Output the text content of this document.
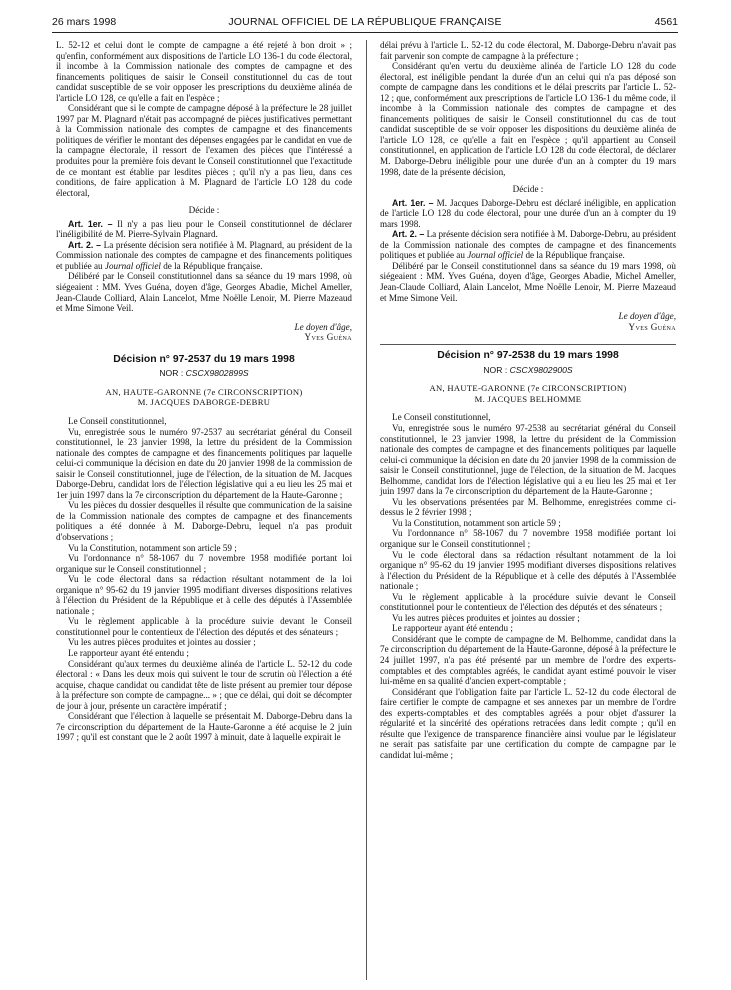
26 mars 1998	JOURNAL OFFICIEL DE LA RÉPUBLIQUE FRANÇAISE	4561

L. 52-12 et celui dont le compte de campagne a été rejeté à bon droit » ; qu'enfin, conformément aux dispositions de l'article LO 136-1 du code électoral, il incombe à la Commission nationale des comptes de campagne et des financements politiques de saisir le Conseil constitutionnel du cas de tout candidat susceptible de se voir opposer les prescriptions du deuxième alinéa de l'article LO 128, ce qu'elle a fait en l'espèce ;

Considérant que si le compte de campagne déposé à la préfecture le 28 juillet 1997 par M. Plagnard n'était pas accompagné de pièces justificatives permettant à la Commission nationale des comptes de campagne et des financements politiques de vérifier le montant des dépenses engagées par le candidat en vue de la campagne électorale, il ressort de l'examen des pièces que l'intéressé a produites pour la première fois devant le Conseil constitutionnel que l'exactitude de ce montant est établie par lesdites pièces ; qu'il n'y a pas lieu, dans ces conditions, de faire application à M. Plagnard de l'article LO 128 du code électoral,

Décide :

Art. 1er. – Il n'y a pas lieu pour le Conseil constitutionnel de déclarer l'inéligibilité de M. Pierre-Sylvain Plagnard.

Art. 2. – La présente décision sera notifiée à M. Plagnard, au président de la Commission nationale des comptes de campagne et des financements politiques et publiée au Journal officiel de la République française.

Délibéré par le Conseil constitutionnel dans sa séance du 19 mars 1998, où siégeaient : MM. Yves Guéna, doyen d'âge, Georges Abadie, Michel Ameller, Jean-Claude Colliard, Alain Lancelot, Mme Noëlle Lenoir, M. Pierre Mazeaud et Mme Simone Veil.

Le doyen d'âge,

Yves Guéna

Décision n° 97-2537 du 19 mars 1998

NOR : CSCX9802899S

AN, HAUTE-GARONNE (7e CIRCONSCRIPTION)

M. JACQUES DABORGE-DEBRU

Le Conseil constitutionnel,

Vu, enregistrée sous le numéro 97-2537 au secrétariat général du Conseil constitutionnel, le 23 janvier 1998, la lettre du président de la Commission nationale des comptes de campagne et des financements politiques par laquelle celui-ci communique la décision en date du 20 janvier 1998 de la commission de saisir le Conseil constitutionnel, juge de l'élection, de la situation de M. Jacques Daborge-Debru, candidat lors de l'élection législative qui a eu lieu les 25 mai et 1er juin 1997 dans la 7e circonscription du département de la Haute-Garonne ;

Vu les pièces du dossier desquelles il résulte que communication de la saisine de la Commission nationale des comptes de campagne et des financements politiques a été donnée à M. Daborge-Debru, lequel n'a pas produit d'observations ;

Vu la Constitution, notamment son article 59 ;

Vu l'ordonnance n° 58-1067 du 7 novembre 1958 modifiée portant loi organique sur le Conseil constitutionnel ;

Vu le code électoral dans sa rédaction résultant notamment de la loi organique n° 95-62 du 19 janvier 1995 modifiant diverses dispositions relatives à l'élection du Président de la République et à celle des députés à l'Assemblée nationale ;

Vu le règlement applicable à la procédure suivie devant le Conseil constitutionnel pour le contentieux de l'élection des députés et des sénateurs ;

Vu les autres pièces produites et jointes au dossier ;

Le rapporteur ayant été entendu ;

Considérant qu'aux termes du deuxième alinéa de l'article L. 52-12 du code électoral : « Dans les deux mois qui suivent le tour de scrutin où l'élection a été acquise, chaque candidat ou candidat tête de liste présent au premier tour dépose à la préfecture son compte de campagne... » ; que ce délai, qui doit se décompter de jour à jour, présente un caractère impératif ;

Considérant que l'élection à laquelle se présentait M. Daborge-Debru dans la 7e circonscription du département de la Haute-Garonne a été acquise le 2 juin 1997 ; qu'il est constant que le 2 août 1997 à minuit, date à laquelle expirait le

délai prévu à l'article L. 52-12 du code électoral, M. Daborge-Debru n'avait pas fait parvenir son compte de campagne à la préfecture ;

Considérant qu'en vertu du deuxième alinéa de l'article LO 128 du code électoral, est inéligible pendant la durée d'un an celui qui n'a pas déposé son compte de campagne dans les conditions et le délai prescrits par l'article L. 52-12 ; que, conformément aux prescriptions de l'article LO 136-1 du même code, il incombe à la Commission nationale des comptes de campagne et des financements politiques de saisir le Conseil constitutionnel du cas de tout candidat susceptible de se voir opposer les dispositions du deuxième alinéa de l'article LO 128, ce qu'elle a fait en l'espèce ; qu'il appartient au Conseil constitutionnel, en application de l'article LO 128 du code électoral, de déclarer M. Daborge-Debru inéligible pour une durée d'un an à compter du 19 mars 1998, date de la présente décision,

Décide :

Art. 1er. – M. Jacques Daborge-Debru est déclaré inéligible, en application de l'article LO 128 du code électoral, pour une durée d'un an à compter du 19 mars 1998.

Art. 2. – La présente décision sera notifiée à M. Daborge-Debru, au président de la Commission nationale des comptes de campagne et des financements politiques et publiée au Journal officiel de la République française.

Délibéré par le Conseil constitutionnel dans sa séance du 19 mars 1998, où siégeaient : MM. Yves Guéna, doyen d'âge, Georges Abadie, Michel Ameller, Jean-Claude Colliard, Alain Lancelot, Mme Noëlle Lenoir, M. Pierre Mazeaud et Mme Simone Veil.

Le doyen d'âge,

Yves Guéna

Décision n° 97-2538 du 19 mars 1998

NOR : CSCX9802900S

AN, HAUTE-GARONNE (7e CIRCONSCRIPTION)

M. JACQUES BELHOMME

Le Conseil constitutionnel,

Vu, enregistrée sous le numéro 97-2538 au secrétariat général du Conseil constitutionnel, le 23 janvier 1998, la lettre du président de la Commission nationale des comptes de campagne et des financements politiques par laquelle celui-ci communique la décision en date du 20 janvier 1998 de la commission de saisir le Conseil constitutionnel, juge de l'élection, de la situation de M. Jacques Belhomme, candidat lors de l'élection législative qui a eu lieu les 25 mai et 1er juin 1997 dans la 7e circonscription du département de la Haute-Garonne ;

Vu les observations présentées par M. Belhomme, enregistrées comme ci-dessus le 2 février 1998 ;

Vu la Constitution, notamment son article 59 ;

Vu l'ordonnance n° 58-1067 du 7 novembre 1958 modifiée portant loi organique sur le Conseil constitutionnel ;

Vu le code électoral dans sa rédaction résultant notamment de la loi organique n° 95-62 du 19 janvier 1995 modifiant diverses dispositions relatives à l'élection du Président de la République et à celle des députés à l'Assemblée nationale ;

Vu le règlement applicable à la procédure suivie devant le Conseil constitutionnel pour le contentieux de l'élection des députés et des sénateurs ;

Vu les autres pièces produites et jointes au dossier ;

Le rapporteur ayant été entendu ;

Considérant que le compte de campagne de M. Belhomme, candidat dans la 7e circonscription du département de la Haute-Garonne, déposé à la préfecture le 24 juillet 1997, n'a pas été présenté par un membre de l'ordre des experts-comptables et des comptables agréés, le candidat ayant estimé pouvoir le viser lui-même en sa qualité d'ancien expert-comptable ;

Considérant que l'obligation faite par l'article L. 52-12 du code électoral de faire certifier le compte de campagne et ses annexes par un membre de l'ordre des experts-comptables et des comptables agréés a pour objet d'assurer la régularité et la sincérité des opérations retracées dans ledit compte ; qu'il en résulte que l'exigence de transparence financière ainsi voulue par le législateur ne serait pas satisfaite par une certification du compte de campagne par le candidat lui-même ;
